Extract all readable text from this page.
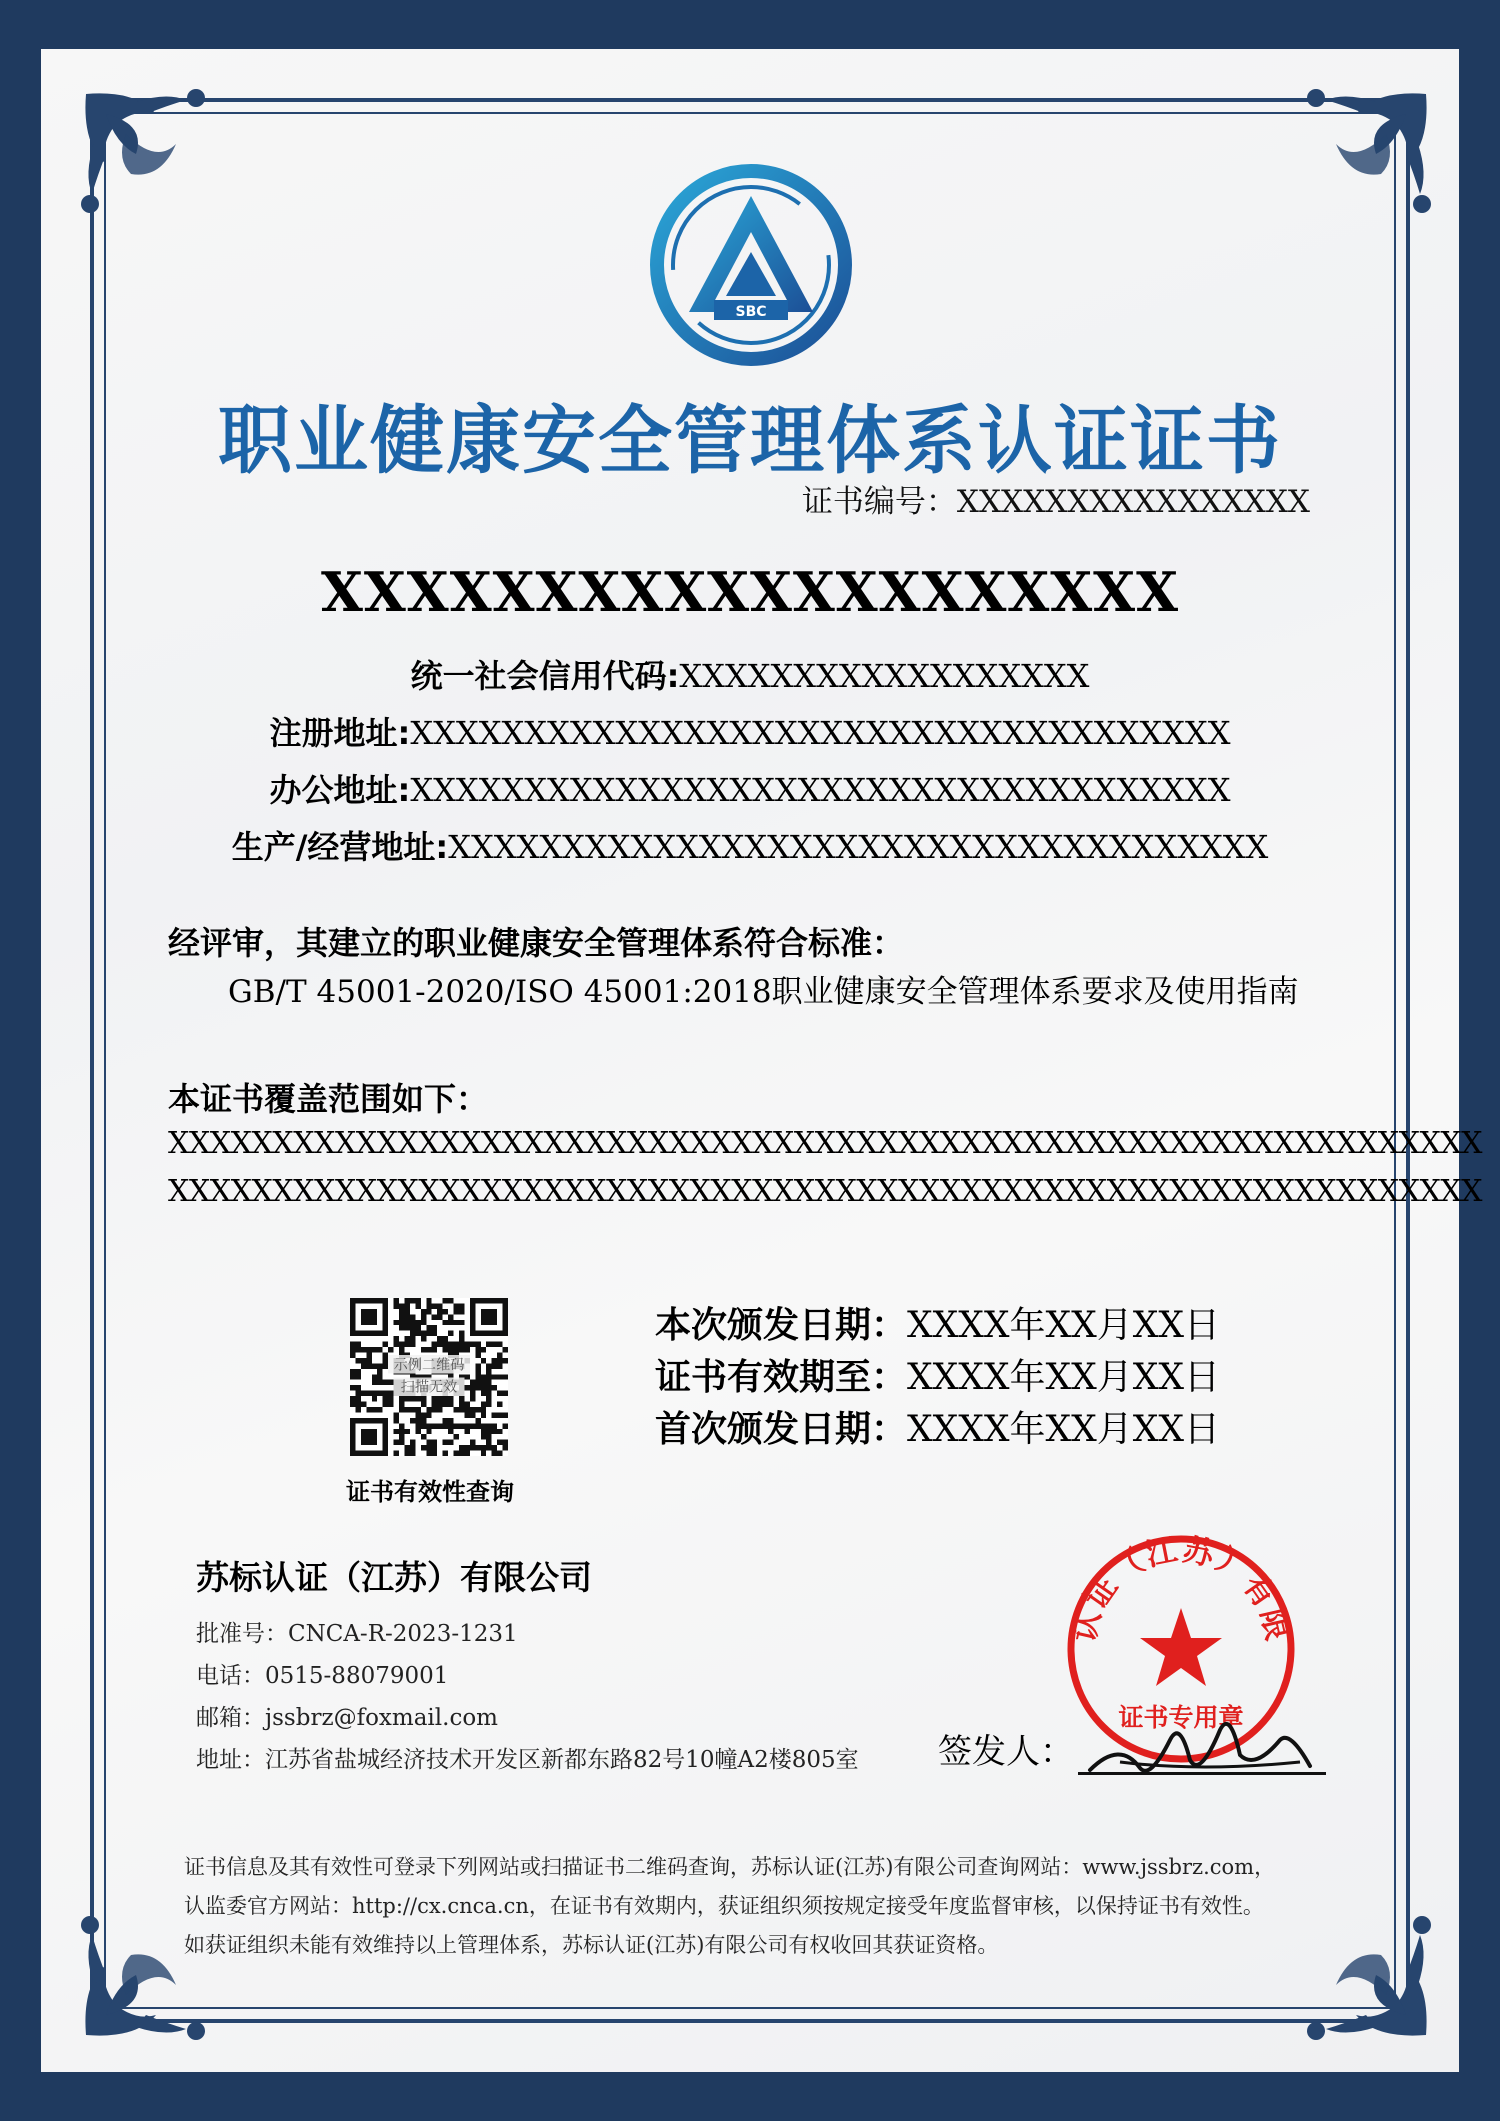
SBC
职业健康安全管理体系认证证书
证书编号：XXXXXXXXXXXXXXXX
XXXXXXXXXXXXXXXXXXXX
统一社会信用代码:XXXXXXXXXXXXXXXXXX
注册地址:XXXXXXXXXXXXXXXXXXXXXXXXXXXXXXXXXXXX
办公地址:XXXXXXXXXXXXXXXXXXXXXXXXXXXXXXXXXXXX
生产/经营地址:XXXXXXXXXXXXXXXXXXXXXXXXXXXXXXXXXXXX
经评审，其建立的职业健康安全管理体系符合标准：
GB/T 45001-2020/ISO 45001:2018职业健康安全管理体系要求及使用指南
本证书覆盖范围如下：
XXXXXXXXXXXXXXXXXXXXXXXXXXXXXXXXXXXXXXXXXXXXXXXXXXXXXXXXXXXXXXX
XXXXXXXXXXXXXXXXXXXXXXXXXXXXXXXXXXXXXXXXXXXXXXXXXXXXXXXXXXXXXXX
示例二维码
扫描无效
证书有效性查询
本次颁发日期：XXXX年XX月XX日
证书有效期至：XXXX年XX月XX日
首次颁发日期：XXXX年XX月XX日
苏标认证（江苏）有限公司
批准号：CNCA-R-2023-1231
电话：0515-88079001
邮箱：jssbrz@foxmail.com
地址：江苏省盐城经济技术开发区新都东路82号10幢A2楼805室
认证（江苏）有限
证书专用章
签发人：
证书信息及其有效性可登录下列网站或扫描证书二维码查询，苏标认证(江苏)有限公司查询网站：www.jssbrz.com，
认监委官方网站：http://cx.cnca.cn，在证书有效期内，获证组织须按规定接受年度监督审核，以保持证书有效性。
如获证组织未能有效维持以上管理体系，苏标认证(江苏)有限公司有权收回其获证资格。
